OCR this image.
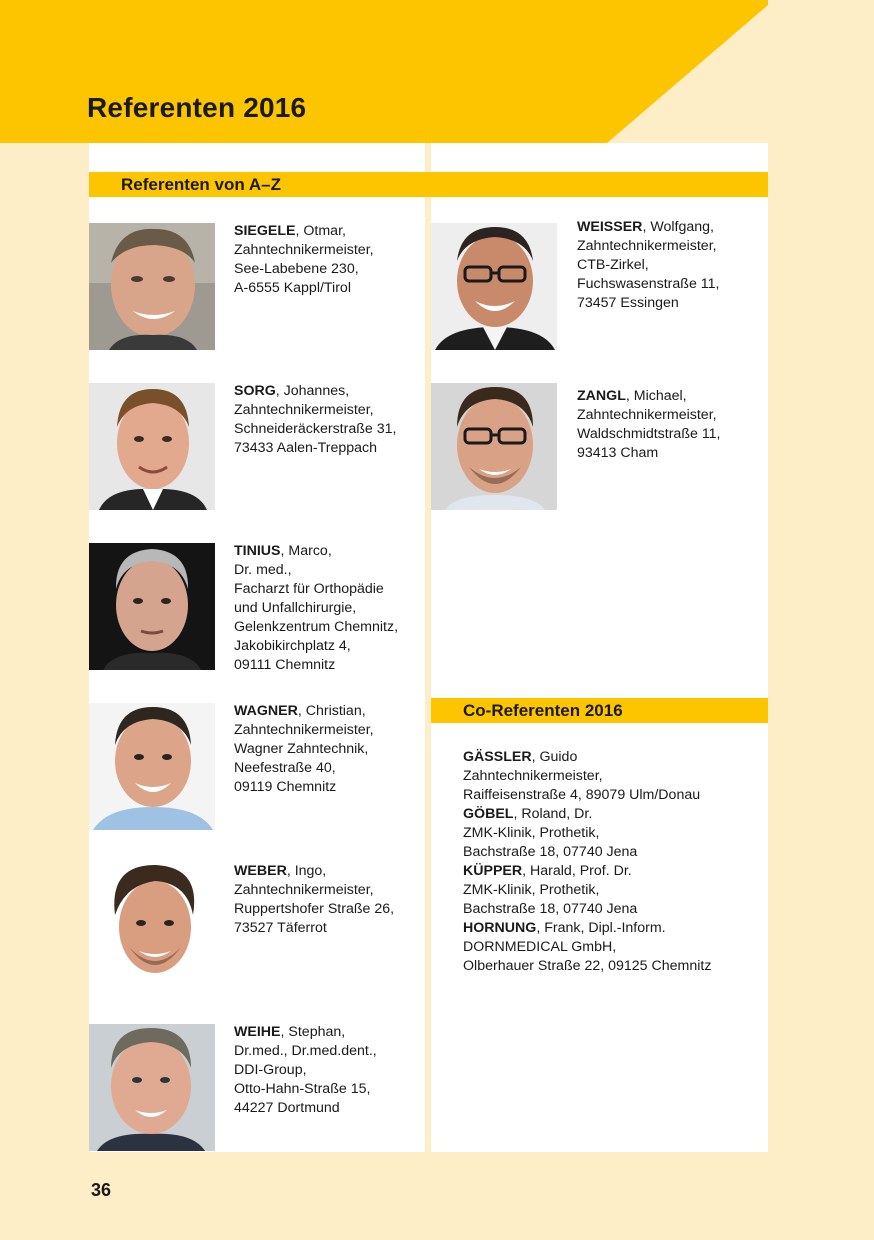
Referenten 2016
Referenten von A–Z
Co-Referenten 2016
SIEGELE, Otmar,
Zahntechnikermeister,
See-Labebene 230,
A-6555 Kappl/Tirol
SORG, Johannes,
Zahntechnikermeister,
Schneideräckerstraße 31,
73433 Aalen-Treppach
TINIUS, Marco,
Dr. med.,
Facharzt für Orthopädie
und Unfallchirurgie,
Gelenkzentrum Chemnitz,
Jakobikirchplatz 4,
09111 Chemnitz
WAGNER, Christian,
Zahntechnikermeister,
Wagner Zahntechnik,
Neefestraße 40,
09119 Chemnitz
WEBER, Ingo,
Zahntechnikermeister,
Ruppertshofer Straße 26,
73527 Täferrot
WEIHE, Stephan,
Dr.med., Dr.med.dent.,
DDI-Group,
Otto-Hahn-Straße 15,
44227 Dortmund
WEISSER, Wolfgang,
Zahntechnikermeister,
CTB-Zirkel,
Fuchswasenstraße 11,
73457 Essingen
ZANGL, Michael,
Zahntechnikermeister,
Waldschmidtstraße 11,
93413 Cham
GÄSSLER, Guido
Zahntechnikermeister,
Raiffeisenstraße 4, 89079 Ulm/Donau
GÖBEL, Roland, Dr.
ZMK-Klinik, Prothetik,
Bachstraße 18, 07740 Jena
KÜPPER, Harald, Prof. Dr.
ZMK-Klinik, Prothetik,
Bachstraße 18, 07740 Jena
HORNUNG, Frank, Dipl.-Inform.
DORNMEDICAL GmbH,
Olberhauer Straße 22, 09125 Chemnitz
36
